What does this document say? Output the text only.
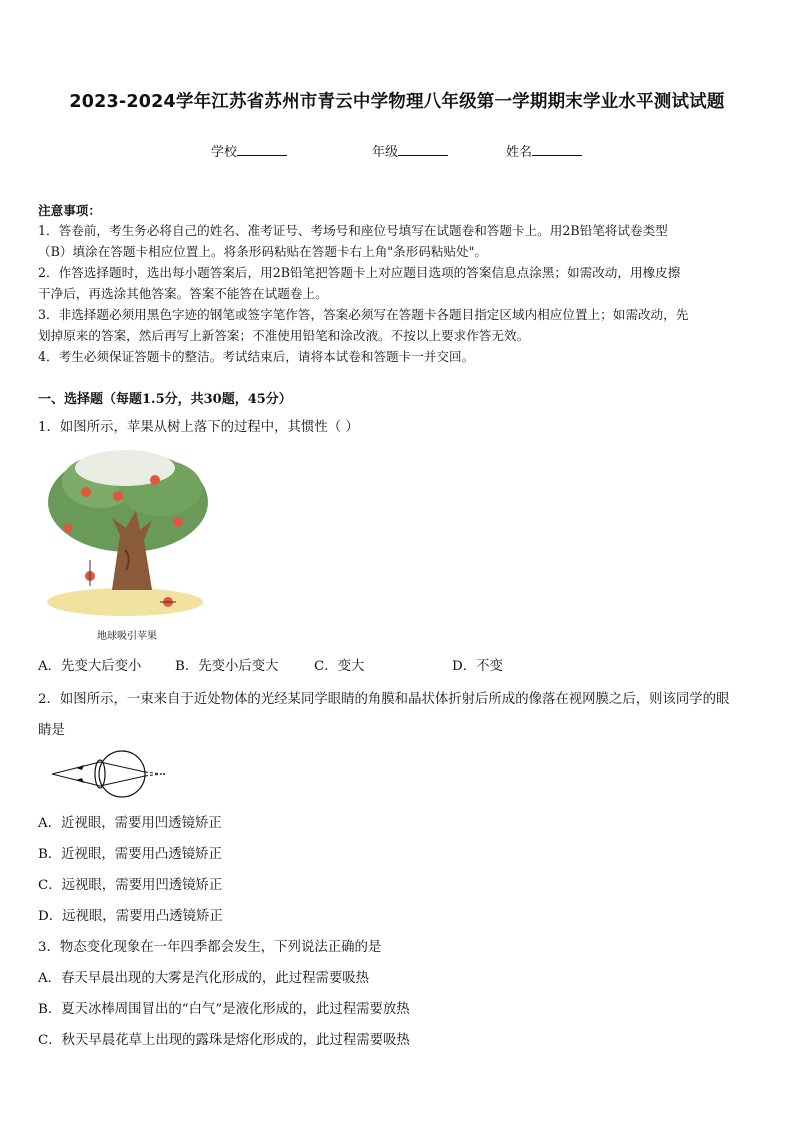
2023-2024学年江苏省苏州市青云中学物理八年级第一学期期末学业水平测试试题
学校	年级	姓名
注意事项：
1．答卷前，考生务必将自己的姓名、准考证号、考场号和座位号填写在试题卷和答题卡上。用2B铅笔将试卷类型
（B）填涂在答题卡相应位置上。将条形码粘贴在答题卡右上角"条形码粘贴处"。
2．作答选择题时，选出每小题答案后，用2B铅笔把答题卡上对应题目选项的答案信息点涂黑；如需改动，用橡皮擦
干净后，再选涂其他答案。答案不能答在试题卷上。
3．非选择题必须用黑色字迹的钢笔或签字笔作答，答案必须写在答题卡各题目指定区域内相应位置上；如需改动，先
划掉原来的答案，然后再写上新答案；不准使用铅笔和涂改液。不按以上要求作答无效。
4．考生必须保证答题卡的整洁。考试结束后，请将本试卷和答题卡一并交回。
一、选择题（每题1.5分，共30题，45分）
1．如图所示，苹果从树上落下的过程中，其惯性（ ）
地球吸引苹果
A．先变大后变小	B．先变小后变大	C．变大	D．不变
2．如图所示，一束来自于近处物体的光经某同学眼睛的角膜和晶状体折射后所成的像落在视网膜之后，则该同学的眼
睛是
A．近视眼，需要用凹透镜矫正
B．近视眼，需要用凸透镜矫正
C．远视眼，需要用凹透镜矫正
D．远视眼，需要用凸透镜矫正
3．物态变化现象在一年四季都会发生，下列说法正确的是
A．春天早晨出现的大雾是汽化形成的，此过程需要吸热
B．夏天冰棒周围冒出的“白气”是液化形成的，此过程需要放热
C．秋天早晨花草上出现的露珠是熔化形成的，此过程需要吸热
